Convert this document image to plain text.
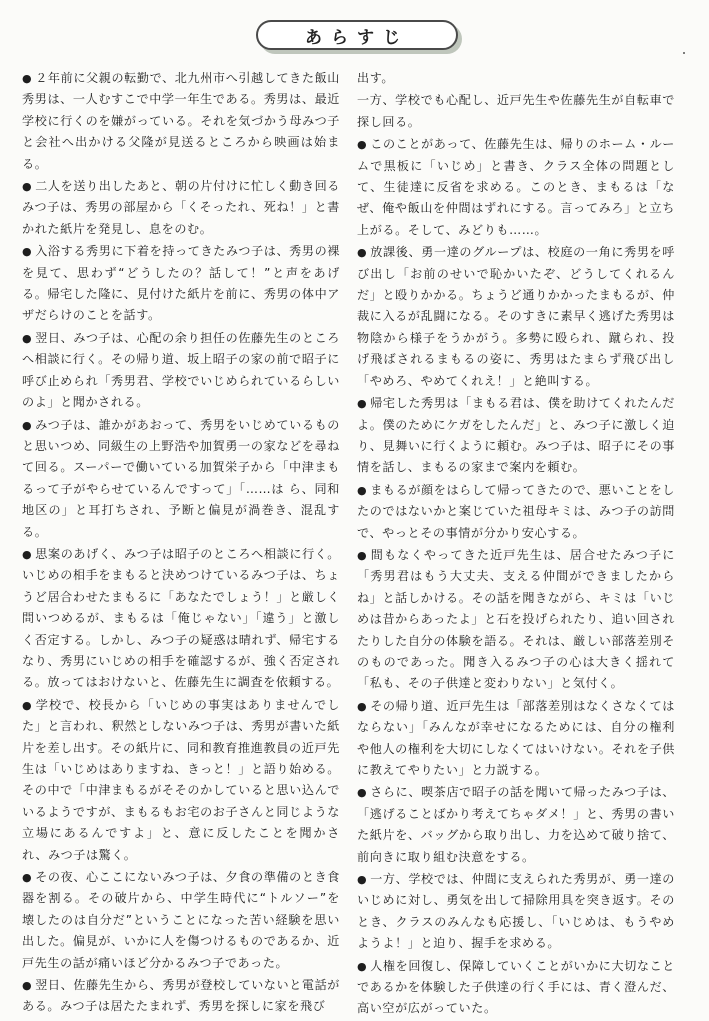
あらすじ

● ２年前に父親の転勤で、北九州市へ引越してきた飯山秀男は、一人むすこで中学一年生である。秀男は、最近学校に行くのを嫌がっている。それを気づかう母みつ子と会社へ出かける父隆が見送るところから映画は始まる。

● 二人を送り出したあと、朝の片付けに忙しく動き回るみつ子は、秀男の部屋から「くそったれ、死ね！」と書かれた紙片を発見し、息をのむ。

● 入浴する秀男に下着を持ってきたみつ子は、秀男の裸を見て、思わず“どうしたの？話して！”と声をあげる。帰宅した隆に、見付けた紙片を前に、秀男の体中アザだらけのことを話す。

● 翌日、みつ子は、心配の余り担任の佐藤先生のところへ相談に行く。その帰り道、坂上昭子の家の前で昭子に呼び止められ「秀男君、学校でいじめられているらしいのよ」と聞かされる。

● みつ子は、誰かがあおって、秀男をいじめているものと思いつめ、同級生の上野浩や加賀勇一の家などを尋ねて回る。スーパーで働いている加賀栄子から「中津まもるって子がやらせているんですって」「……は ら、同和地区の」と耳打ちされ、予断と偏見が渦巻き、混乱する。

● 思案のあげく、みつ子は昭子のところへ相談に行く。いじめの相手をまもると決めつけているみつ子は、ちょうど居合わせたまもるに「あなたでしょう！」と厳しく問いつめるが、まもるは「俺じゃない」「違う」と激しく否定する。しかし、みつ子の疑惑は晴れず、帰宅するなり、秀男にいじめの相手を確認するが、強く否定される。放ってはおけないと、佐藤先生に調査を依頼する。

● 学校で、校長から「いじめの事実はありませんでした」と言われ、釈然としないみつ子は、秀男が書いた紙片を差し出す。その紙片に、同和教育推進教員の近戸先生は「いじめはありますね、きっと！」と語り始める。その中で「中津まもるがそそのかしていると思い込んでいるようですが、まもるもお宅のお子さんと同じような立場にあるんですよ」と、意に反したことを聞かされ、みつ子は驚く。

● その夜、心ここにないみつ子は、夕食の準備のとき食器を割る。その破片から、中学生時代に“トルソー”を壊したのは自分だ”ということになった苦い経験を思い出した。偏見が、いかに人を傷つけるものであるか、近戸先生の話が痛いほど分かるみつ子であった。

● 翌日、佐藤先生から、秀男が登校していないと電話がある。みつ子は居たたまれず、秀男を探しに家を飛び

出す。

一方、学校でも心配し、近戸先生や佐藤先生が自転車で探し回る。

● このことがあって、佐藤先生は、帰りのホーム・ルームで黒板に「いじめ」と書き、クラス全体の問題として、生徒達に反省を求める。このとき、まもるは「なぜ、俺や飯山を仲間はずれにする。言ってみろ」と立ち上がる。そして、みどりも……。

● 放課後、勇一達のグループは、校庭の一角に秀男を呼び出し「お前のせいで恥かいたぞ、どうしてくれるんだ」と殴りかかる。ちょうど通りかかったまもるが、仲裁に入るが乱闘になる。そのすきに素早く逃げた秀男は物陰から様子をうかがう。多勢に殴られ、蹴られ、投げ飛ばされるまもるの姿に、秀男はたまらず飛び出し「やめろ、やめてくれえ！」と絶叫する。

● 帰宅した秀男は「まもる君は、僕を助けてくれたんだよ。僕のためにケガをしたんだ」と、みつ子に激しく迫り、見舞いに行くように頼む。みつ子は、昭子にその事情を話し、まもるの家まで案内を頼む。

● まもるが顔をはらして帰ってきたので、悪いことをしたのではないかと案じていた祖母キミは、みつ子の訪問で、やっとその事情が分かり安心する。

● 間もなくやってきた近戸先生は、居合せたみつ子に「秀男君はもう大丈夫、支える仲間ができましたからね」と話しかける。その話を聞きながら、キミは「いじめは昔からあったよ」と石を投げられたり、追い回されたりした自分の体験を語る。それは、厳しい部落差別そのものであった。聞き入るみつ子の心は大きく揺れて「私も、その子供達と変わりない」と気付く。

● その帰り道、近戸先生は「部落差別はなくさなくてはならない」「みんなが幸せになるためには、自分の権利や他人の権利を大切にしなくてはいけない。それを子供に教えてやりたい」と力説する。

● さらに、喫茶店で昭子の話を聞いて帰ったみつ子は、「逃げることばかり考えてちゃダメ！」と、秀男の書いた紙片を、バッグから取り出し、力を込めて破り捨て、前向きに取り組む決意をする。

● 一方、学校では、仲間に支えられた秀男が、勇一達のいじめに対し、勇気を出して掃除用具を突き返す。そのとき、クラスのみんなも応援し、「いじめは、もうやめようよ！」と迫り、握手を求める。

● 人権を回復し、保障していくことがいかに大切なことであるかを体験した子供達の行く手には、青く澄んだ、高い空が広がっていた。
